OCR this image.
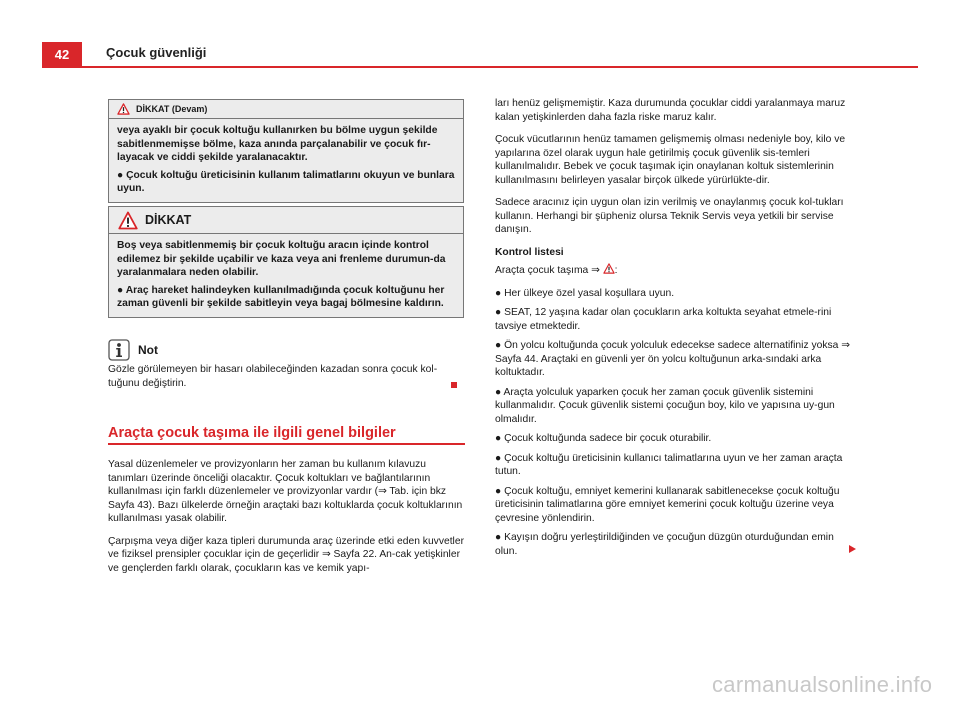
42	Çocuk güvenliği
DİKKAT (Devam)

veya ayaklı bir çocuk koltuğu kullanırken bu bölme uygun şekilde sabitlenmemişse bölme, kaza anında parçalanabilir ve çocuk fır-layacak ve ciddi şekilde yaralanacaktır.

● Çocuk koltuğu üreticisinin kullanım talimatlarını okuyun ve bunlara uyun.

DİKKAT

Boş veya sabitlenmemiş bir çocuk koltuğu aracın içinde kontrol edilemez bir şekilde uçabilir ve kaza veya ani frenleme durumun-da yaralanmalara neden olabilir.

● Araç hareket halindeyken kullanılmadığında çocuk koltuğunu her zaman güvenli bir şekilde sabitleyin veya bagaj bölmesine kaldırın.

Not
Gözle görülemeyen bir hasarı olabileceğinden kazadan sonra çocuk kol-tuğunu değiştirin.
Araçta çocuk taşıma ile ilgili genel bilgiler

Yasal düzenlemeler ve provizyonların her zaman bu kullanım kılavuzu tanımları üzerinde önceliği olacaktır. Çocuk koltukları ve bağlantılarının kullanılması için farklı düzenlemeler ve provizyonlar vardır (⇒ Tab. için bkz Sayfa 43). Bazı ülkelerde örneğin araçtaki bazı koltuklarda çocuk koltuklarının kullanılması yasak olabilir.

Çarpışma veya diğer kaza tipleri durumunda araç üzerinde etki eden kuvvetler ve fiziksel prensipler çocuklar için de geçerlidir ⇒ Sayfa 22. An-cak yetişkinler ve gençlerden farklı olarak, çocukların kas ve kemik yapı-

ları henüz gelişmemiştir. Kaza durumunda çocuklar ciddi yaralanmaya maruz kalan yetişkinlerden daha fazla riske maruz kalır.

Çocuk vücutlarının henüz tamamen gelişmemiş olması nedeniyle boy, kilo ve yapılarına özel olarak uygun hale getirilmiş çocuk güvenlik sis-temleri kullanılmalıdır. Bebek ve çocuk taşımak için onaylanan koltuk sistemlerinin kullanılmasını belirleyen yasalar birçok ülkede yürürlükte-dir.

Sadece aracınız için uygun olan izin verilmiş ve onaylanmış çocuk kol-tukları kullanın. Herhangi bir şüpheniz olursa Teknik Servis veya yetkili bir servise danışın.

Kontrol listesi

Araçta çocuk taşıma ⇒ :

● Her ülkeye özel yasal koşullara uyun.

● SEAT, 12 yaşına kadar olan çocukların arka koltukta seyahat etmele-rini tavsiye etmektedir.

● Ön yolcu koltuğunda çocuk yolculuk edecekse sadece alternatifiniz yoksa ⇒ Sayfa 44. Araçtaki en güvenli yer ön yolcu koltuğunun arka-sındaki arka koltuktadır.

● Araçta yolculuk yaparken çocuk her zaman çocuk güvenlik sistemini kullanmalıdır. Çocuk güvenlik sistemi çocuğun boy, kilo ve yapısına uy-gun olmalıdır.

● Çocuk koltuğunda sadece bir çocuk oturabilir.

● Çocuk koltuğu üreticisinin kullanıcı talimatlarına uyun ve her zaman araçta tutun.

● Çocuk koltuğu, emniyet kemerini kullanarak sabitlenecekse çocuk koltuğu üreticisinin talimatlarına göre emniyet kemerini çocuk koltuğu üzerine veya çevresine yönlendirin.

● Kayışın doğru yerleştirildiğinden ve çocuğun düzgün oturduğundan emin olun.

carmanualsonline.info
